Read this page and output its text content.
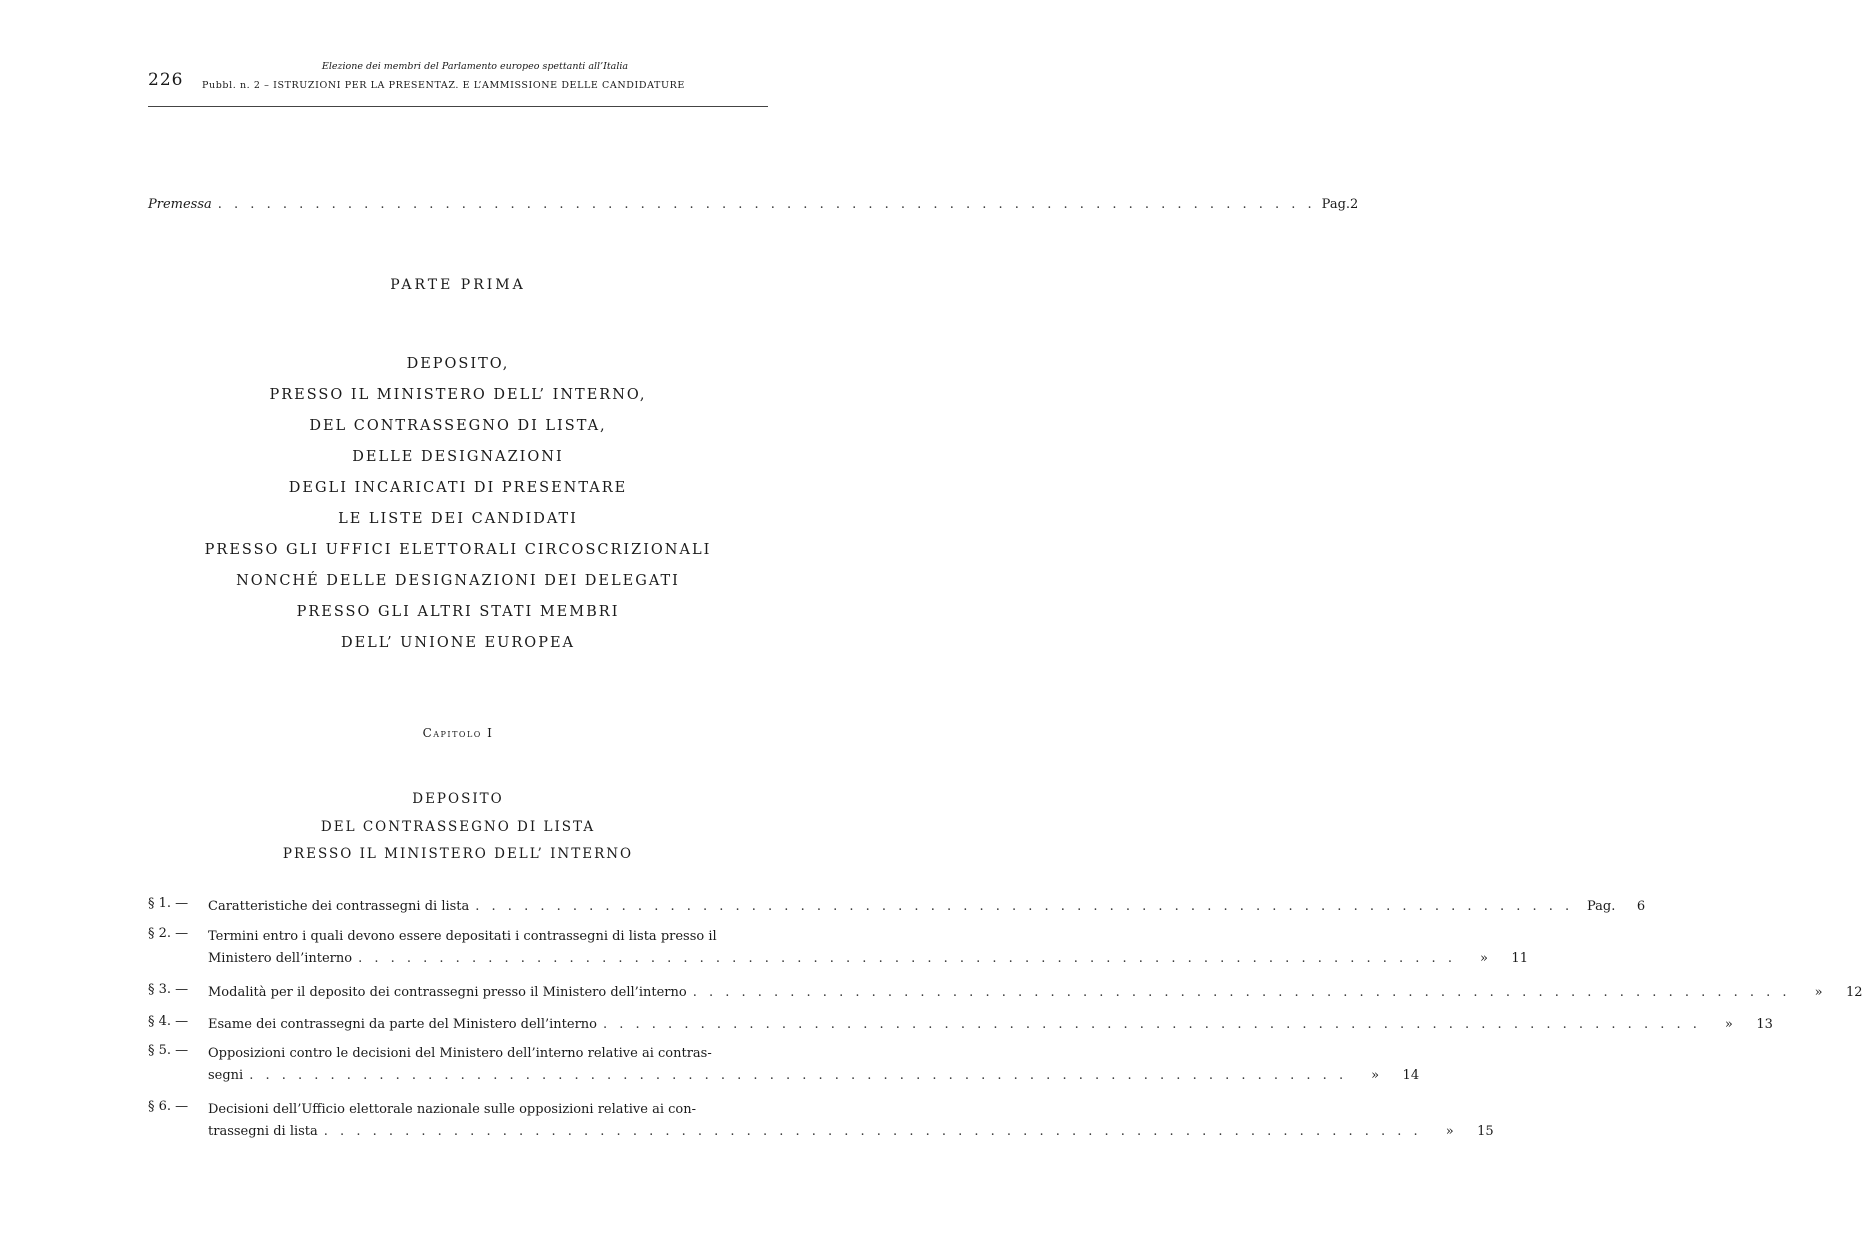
226
Elezione dei membri del Parlamento europeo spettanti all’Italia
Pubbl. n. 2 – ISTRUZIONI PER LA PRESENTAZ. E L’AMMISSIONE DELLE CANDIDATURE
Premessa . . .	Pag. 2
PARTE PRIMA
DEPOSITO,
PRESSO IL MINISTERO DELL’ INTERNO,
DEL CONTRASSEGNO DI LISTA,
DELLE DESIGNAZIONI
DEGLI INCARICATI DI PRESENTARE
LE LISTE DEI CANDIDATI
PRESSO GLI UFFICI ELETTORALI CIRCOSCRIZIONALI
NONCHÉ DELLE DESIGNAZIONI DEI DELEGATI
PRESSO GLI ALTRI STATI MEMBRI
DELL’ UNIONE EUROPEA
Capitolo I
DEPOSITO
DEL CONTRASSEGNO DI LISTA
PRESSO IL MINISTERO DELL’ INTERNO
§ 1. —	Caratteristiche dei contrassegni di lista . . .	Pag.	6
§ 2. —	Termini entro i quali devono essere depositati i contrassegni di lista presso il
Ministero dell’interno . . .	»	11
§ 3. —	Modalità per il deposito dei contrassegni presso il Ministero dell’interno . . .	»	12
§ 4. —	Esame dei contrassegni da parte del Ministero dell’interno . . .	»	13
§ 5. —	Opposizioni contro le decisioni del Ministero dell’interno relative ai contras-
segni . . .	»	14
§ 6. —	Decisioni dell’Ufficio elettorale nazionale sulle opposizioni relative ai con-
trassegni di lista . . .	»	15
